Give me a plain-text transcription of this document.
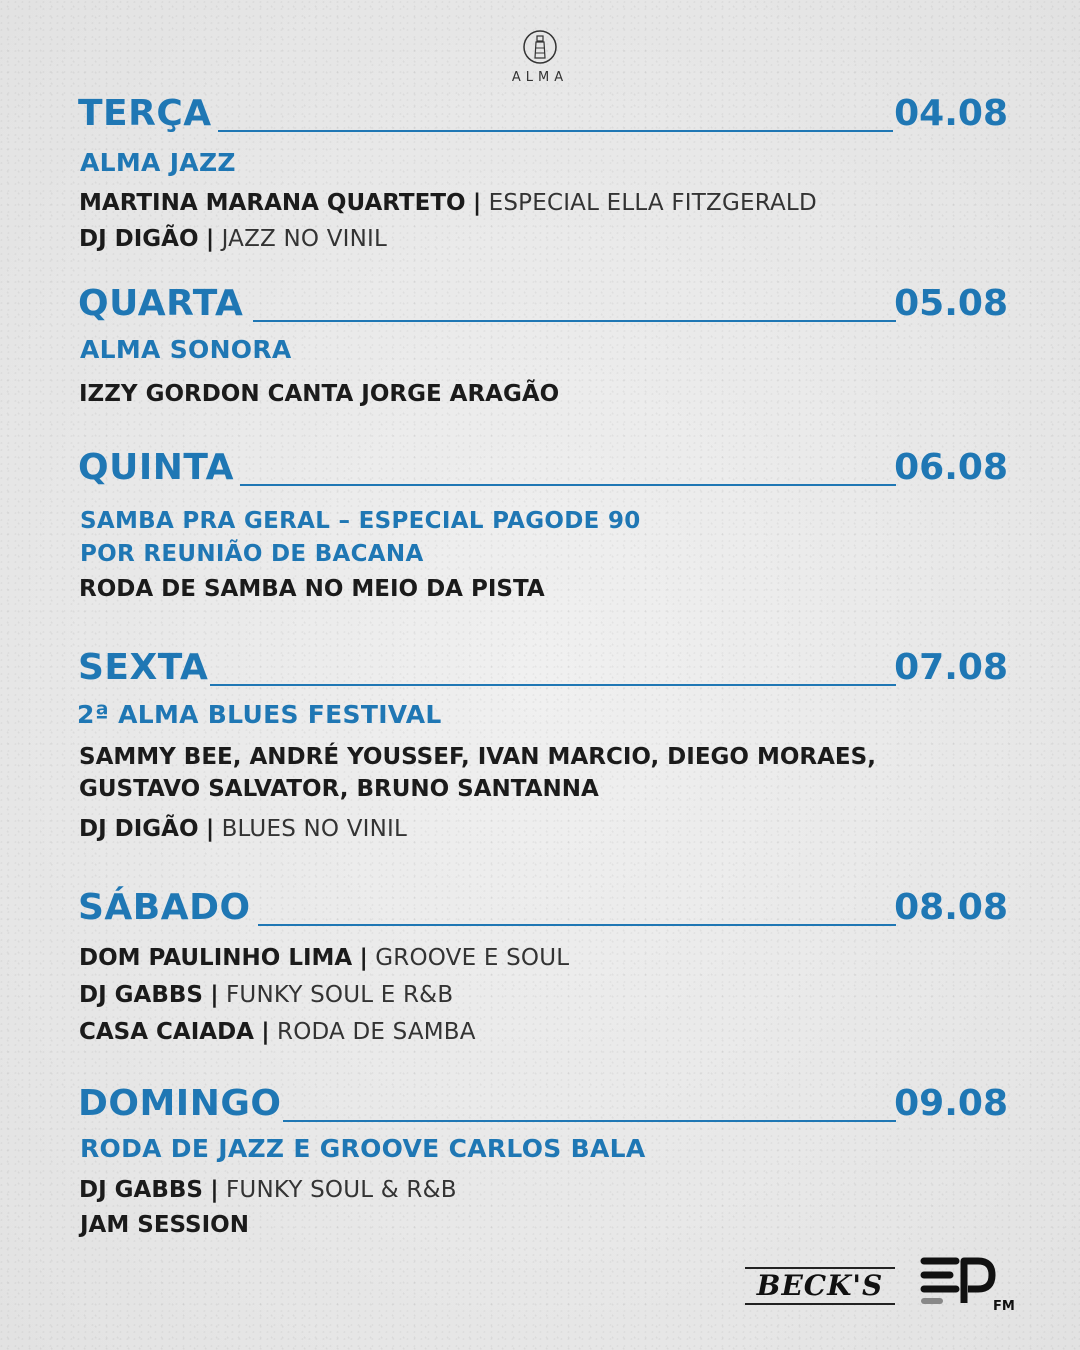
ALMA
TERÇA	04.08
ALMA JAZZ
MARTINA MARANA QUARTETO | ESPECIAL ELLA FITZGERALD
DJ DIGÃO | JAZZ NO VINIL
QUARTA	05.08
ALMA SONORA
IZZY GORDON CANTA JORGE ARAGÃO
QUINTA	06.08
SAMBA PRA GERAL – ESPECIAL PAGODE 90
POR REUNIÃO DE BACANA
RODA DE SAMBA NO MEIO DA PISTA
SEXTA	07.08
2ª ALMA BLUES FESTIVAL
SAMMY BEE, ANDRÉ YOUSSEF, IVAN MARCIO, DIEGO MORAES,
GUSTAVO SALVATOR, BRUNO SANTANNA
DJ DIGÃO | BLUES NO VINIL
SÁBADO	08.08
DOM PAULINHO LIMA | GROOVE E SOUL
DJ GABBS | FUNKY SOUL E R&B
CASA CAIADA | RODA DE SAMBA
DOMINGO	09.08
RODA DE JAZZ E GROOVE CARLOS BALA
DJ GABBS | FUNKY SOUL & R&B
JAM SESSION
BECK'S
FM
